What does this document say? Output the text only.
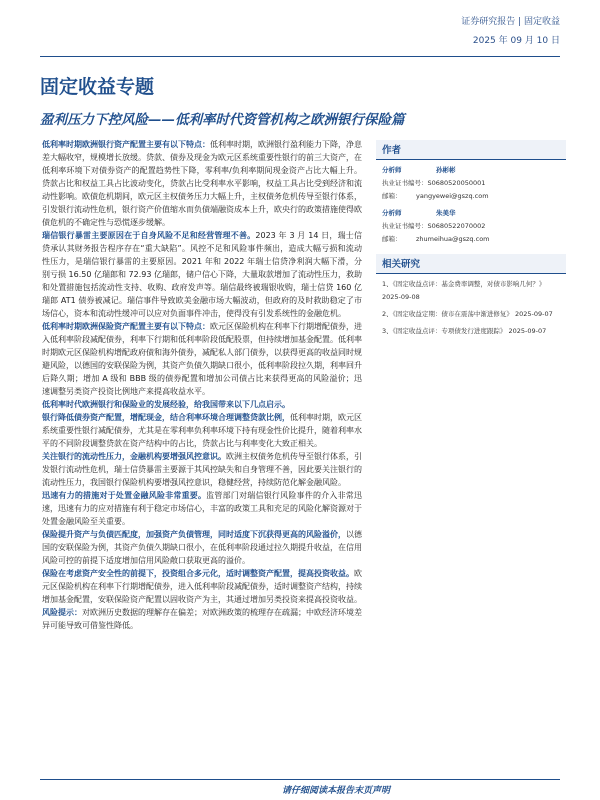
证券研究报告 | 固定收益
2025 年 09 月 10 日
固定收益专题
盈利压力下控风险——低利率时代资管机构之欧洲银行保险篇

低利率时期欧洲银行资产配置主要有以下特点：低利率时期，欧洲银行盈利能力下降，净息差大幅收窄，规模增长放缓。贷款、债券及现金为欧元区系统重要性银行的前三大资产，在低利率环境下对债券资产的配置趋势性下降，零利率/负利率期间现金资产占比大幅上升。贷款占比和权益工具占比波动变化，贷款占比受利率水平影响，权益工具占比受到经济和流动性影响。欧债危机期间，欧元区主权债务压力大幅上升，主权债务危机传导至银行体系，引发银行流动性危机，银行资产价值缩水而负债端融资成本上升，欧央行的政策措施使得欧债危机的不确定性与恐慌逐步缓解。

瑞信银行暴雷主要原因在于自身风险不足和经营管理不善。2023 年 3 月 14 日，瑞士信贷承认其财务报告程序存在“重大缺陷”。风控不足和风险事件频出，造成大幅亏损和流动性压力，是瑞信银行暴雷的主要原因。2021 年和 2022 年瑞士信贷净利润大幅下滑，分别亏损 16.50 亿瑞郎和 72.93 亿瑞郎，储户信心下降，大量取款增加了流动性压力，救助和处置措施包括流动性支持、收购、政府发声等。瑞信最终被瑞银收购，瑞士信贷 160 亿瑞郎 AT1 债券被减记。瑞信事件导致欧美金融市场大幅波动，但政府的及时救助稳定了市场信心，资本和流动性缓冲可以应对负面事件冲击，使得没有引发系统性的金融危机。

低利率时期欧洲保险资产配置主要有以下特点：欧元区保险机构在利率下行期增配债券，进入低利率阶段减配债券，利率下行期和低利率阶段低配股票，但持续增加基金配置。低利率时期欧元区保险机构增配政府债和海外债券，减配私人部门债券，以获得更高的收益同时规避风险，以德国的安联保险为例，其资产负债久期缺口很小，低利率阶段拉久期，利率回升后降久期；增加 A 级和 BBB 级的债券配置和增加公司债占比来获得更高的风险溢价；迅速调整另类资产投资比例地产来提高收益水平。

低利率时代欧洲银行和保险业的发展经验，给我国带来以下几点启示。

银行降低债券资产配置，增配现金，结合利率环境合理调整贷款比例，低利率时期，欧元区系统重要性银行减配债券，尤其是在零利率负利率环境下持有现金性价比提升，随着利率水平的不同阶段调整贷款在资产结构中的占比，贷款占比与利率变化大致正相关。

关注银行的流动性压力，金融机构要增强风控意识。欧洲主权债务危机传导至银行体系，引发银行流动性危机，瑞士信贷暴雷主要源于其风控缺失和自身管理不善，因此要关注银行的流动性压力，我国银行保险机构要增强风控意识，稳健经营，持续防范化解金融风险。

迅速有力的措施对于处置金融风险非常重要。监管部门对瑞信银行风险事件的介入非常迅速，迅速有力的应对措施有利于稳定市场信心，丰富的政策工具和充足的风险化解资源对于处置金融风险至关重要。

保险提升资产与负债匹配度，加强资产负债管理，同时适度下沉获得更高的风险溢价，以德国的安联保险为例，其资产负债久期缺口很小，在低利率阶段通过拉久期提升收益，在信用风险可控的前提下适度增加信用风险敞口获取更高的溢价。

保险在考虑资产安全性的前提下，投资组合多元化，适时调整资产配置，提高投资收益。欧元区保险机构在利率下行期增配债券，进入低利率阶段减配债券，适时调整资产结构，持续增加基金配置，安联保险资产配置以固收资产为主，其通过增加另类投资来提高投资收益。

风险提示：对欧洲历史数据的理解存在偏差；对欧洲政策的梳理存在疏漏；中欧经济环境差异可能导致可借鉴性降低。

作者
分析师	孙彬彬
执业证书编号：S0680520050001
邮箱： yangyewei@gszq.com
分析师	朱美华
执业证书编号：S0680522070002
邮箱： zhumeihua@gszq.com
相关研究
1、《固定收益点评：基金费率调整，对债市影响几何？》
2025-09-08
2、《固定收益定期：债市在震荡中渐进修复》 2025-09-07
3、《固定收益点评：专项债发行进度跟踪》 2025-09-07
请仔细阅读本报告末页声明
